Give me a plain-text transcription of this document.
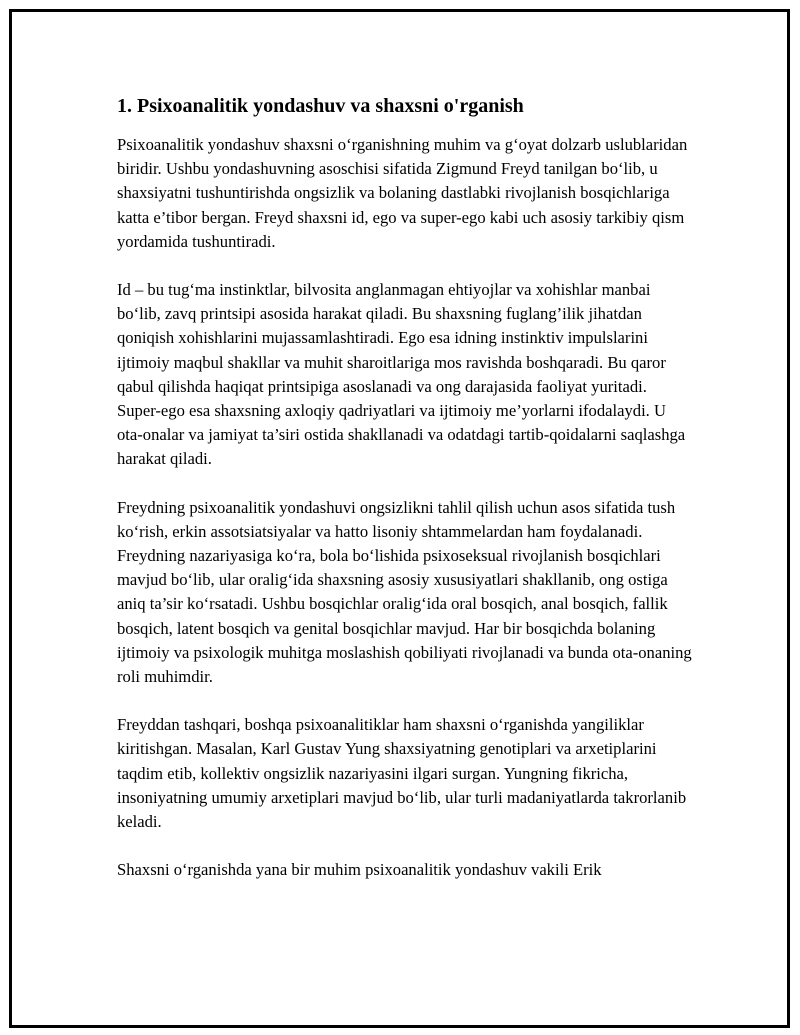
1. Psixoanalitik yondashuv va shaxsni o'rganish

Psixoanalitik yondashuv shaxsni o‘rganishning muhim va g‘oyat dolzarb uslublaridan biridir. Ushbu yondashuvning asoschisi sifatida Zigmund Freyd tanilgan bo‘lib, u shaxsiyatni tushuntirishda ongsizlik va bolaning dastlabki rivojlanish bosqichlariga katta e’tibor bergan. Freyd shaxsni id, ego va super-ego kabi uch asosiy tarkibiy qism yordamida tushuntiradi.

Id – bu tug‘ma instinktlar, bilvosita anglanmagan ehtiyojlar va xohishlar manbai bo‘lib, zavq printsipi asosida harakat qiladi. Bu shaxsning fuglang’ilik jihatdan qoniqish xohishlarini mujassamlashtiradi. Ego esa idning instinktiv impulslarini ijtimoiy maqbul shakllar va muhit sharoitlariga mos ravishda boshqaradi. Bu qaror qabul qilishda haqiqat printsipiga asoslanadi va ong darajasida faoliyat yuritadi. Super-ego esa shaxsning axloqiy qadriyatlari va ijtimoiy me’yorlarni ifodalaydi. U ota-onalar va jamiyat ta’siri ostida shakllanadi va odatdagi tartib-qoidalarni saqlashga harakat qiladi.

Freydning psixoanalitik yondashuvi ongsizlikni tahlil qilish uchun asos sifatida tush ko‘rish, erkin assotsiatsiyalar va hatto lisoniy shtammelardan ham foydalanadi. Freydning nazariyasiga ko‘ra, bola bo‘lishida psixoseksual rivojlanish bosqichlari mavjud bo‘lib, ular oralig‘ida shaxsning asosiy xususiyatlari shakllanib, ong ostiga aniq ta’sir ko‘rsatadi. Ushbu bosqichlar oralig‘ida oral bosqich, anal bosqich, fallik bosqich, latent bosqich va genital bosqichlar mavjud. Har bir bosqichda bolaning ijtimoiy va psixologik muhitga moslashish qobiliyati rivojlanadi va bunda ota-onaning roli muhimdir.

Freyddan tashqari, boshqa psixoanalitiklar ham shaxsni o‘rganishda yangiliklar kiritishgan. Masalan, Karl Gustav Yung shaxsiyatning genotiplari va arxetiplarini taqdim etib, kollektiv ongsizlik nazariyasini ilgari surgan. Yungning fikricha, insoniyatning umumiy arxetiplari mavjud bo‘lib, ular turli madaniyatlarda takrorlanib keladi.

Shaxsni o‘rganishda yana bir muhim psixoanalitik yondashuv vakili Erik
